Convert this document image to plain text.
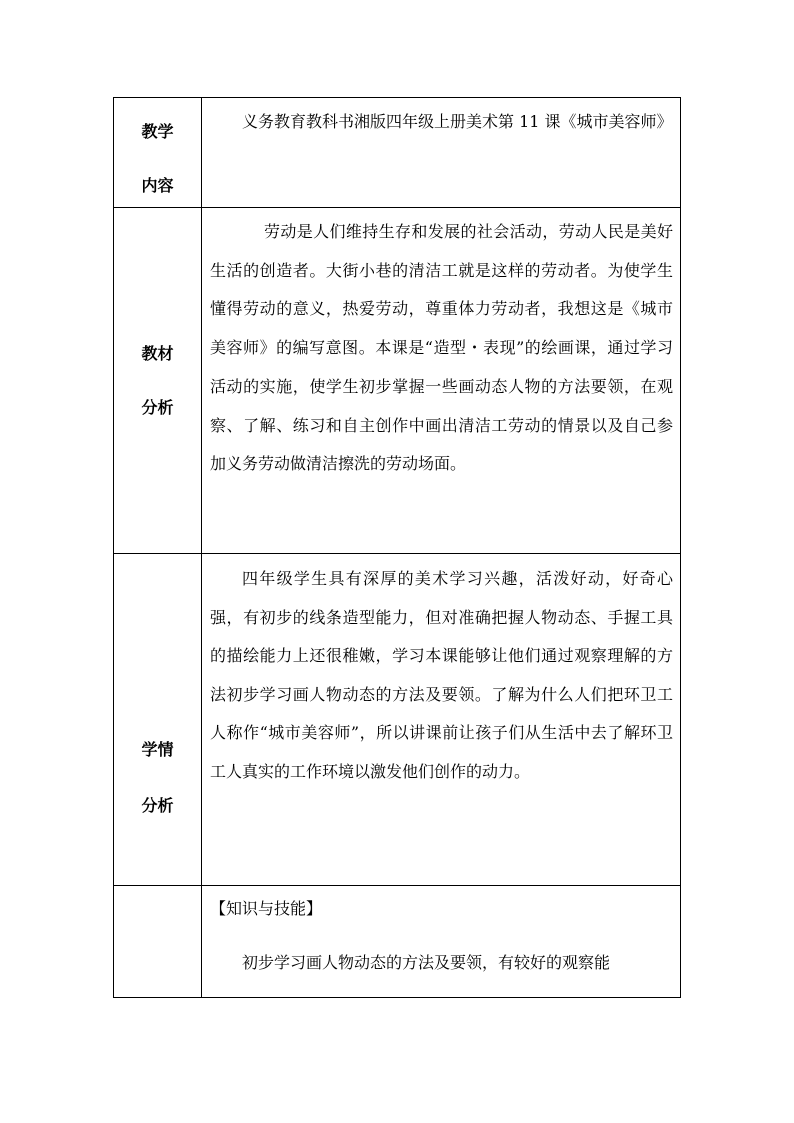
教学
内容

义务教育教科书湘版四年级上册美术第 11 课《城市美容师》

教材
分析

劳动是人们维持生存和发展的社会活动，劳动人民是美好生活的创造者。大街小巷的清洁工就是这样的劳动者。为使学生懂得劳动的意义，热爱劳动，尊重体力劳动者，我想这是《城市美容师》的编写意图。本课是“造型・表现”的绘画课，通过学习活动的实施，使学生初步掌握一些画动态人物的方法要领，在观察、了解、练习和自主创作中画出清洁工劳动的情景以及自己参加义务劳动做清洁擦洗的劳动场面。

学情
分析

四年级学生具有深厚的美术学习兴趣，活泼好动，好奇心强，有初步的线条造型能力，但对准确把握人物动态、手握工具的描绘能力上还很稚嫩，学习本课能够让他们通过观察理解的方法初步学习画人物动态的方法及要领。了解为什么人们把环卫工人称作“城市美容师”，所以讲课前让孩子们从生活中去了解环卫工人真实的工作环境以激发他们创作的动力。

【知识与技能】

初步学习画人物动态的方法及要领，有较好的观察能
